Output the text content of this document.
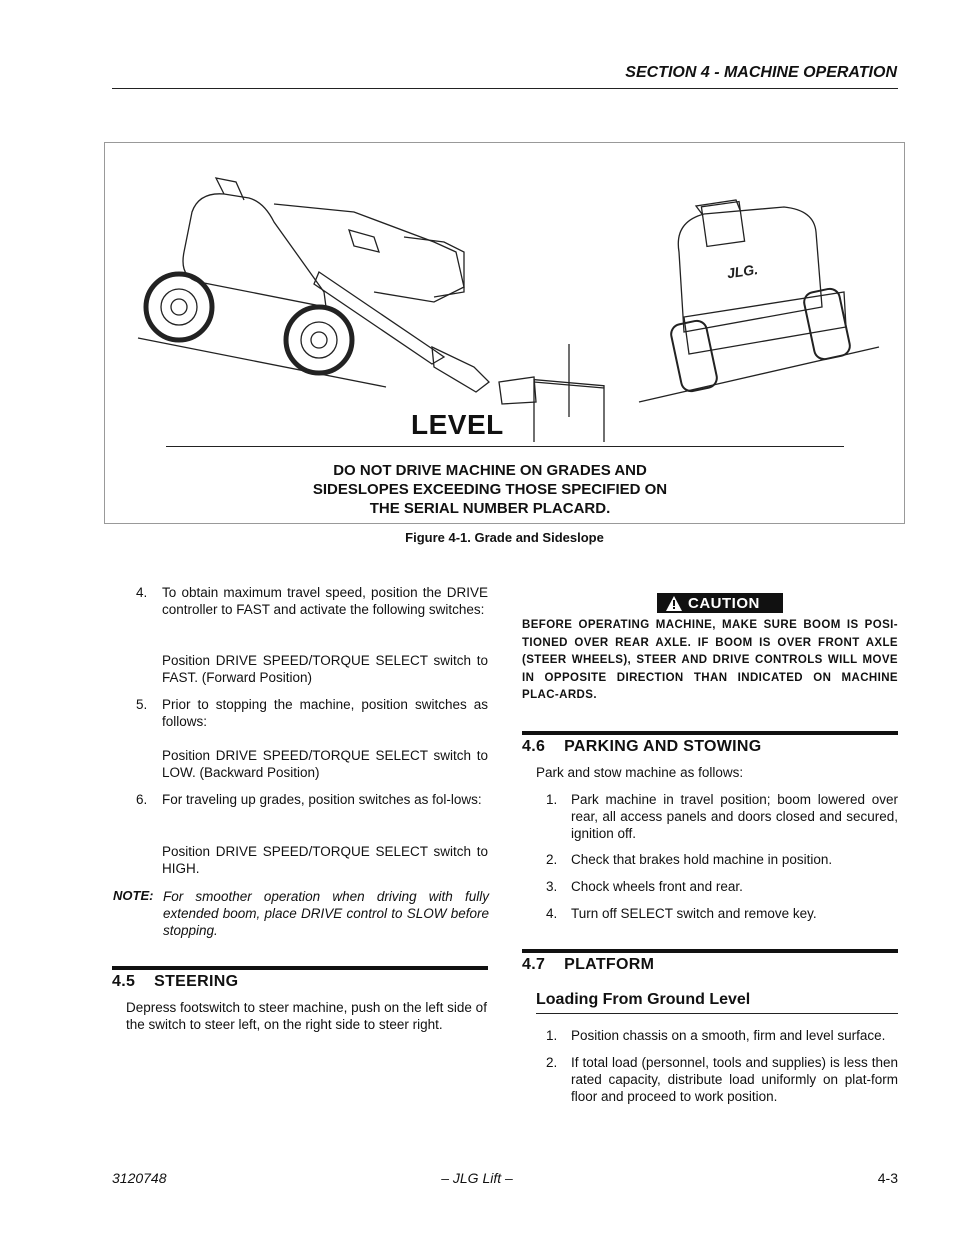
SECTION 4 - MACHINE OPERATION
JLG.
LEVEL
DO NOT DRIVE MACHINE ON GRADES AND
SIDESLOPES EXCEEDING THOSE SPECIFIED ON
THE SERIAL NUMBER PLACARD.
Figure 4-1. Grade and Sideslope
4. To obtain maximum travel speed, position the DRIVE controller to FAST and activate the following switches:
Position DRIVE SPEED/TORQUE SELECT switch to FAST. (Forward Position)
5. Prior to stopping the machine, position switches as follows:
Position DRIVE SPEED/TORQUE SELECT switch to LOW. (Backward Position)
6. For traveling up grades, position switches as fol-lows:
Position DRIVE SPEED/TORQUE SELECT switch to HIGH.
NOTE: For smoother operation when driving with fully extended boom, place DRIVE control to SLOW before stopping.
4.5    STEERING
Depress footswitch to steer machine, push on the left side of the switch to steer left, on the right side to steer right.
CAUTION
BEFORE OPERATING MACHINE, MAKE SURE BOOM IS POSI-TIONED OVER REAR AXLE. IF BOOM IS OVER FRONT AXLE (STEER WHEELS), STEER AND DRIVE CONTROLS WILL MOVE IN OPPOSITE DIRECTION THAN INDICATED ON MACHINE PLAC-ARDS.
4.6    PARKING AND STOWING
Park and stow machine as follows:
1. Park machine in travel position; boom lowered over rear, all access panels and doors closed and secured, ignition off.
2. Check that brakes hold machine in position.
3. Chock wheels front and rear.
4. Turn off SELECT switch and remove key.
4.7    PLATFORM
Loading From Ground Level
1. Position chassis on a smooth, firm and level surface.
2. If total load (personnel, tools and supplies) is less then rated capacity, distribute load uniformly on plat-form floor and proceed to work position.
3120748	– JLG Lift –	4-3
